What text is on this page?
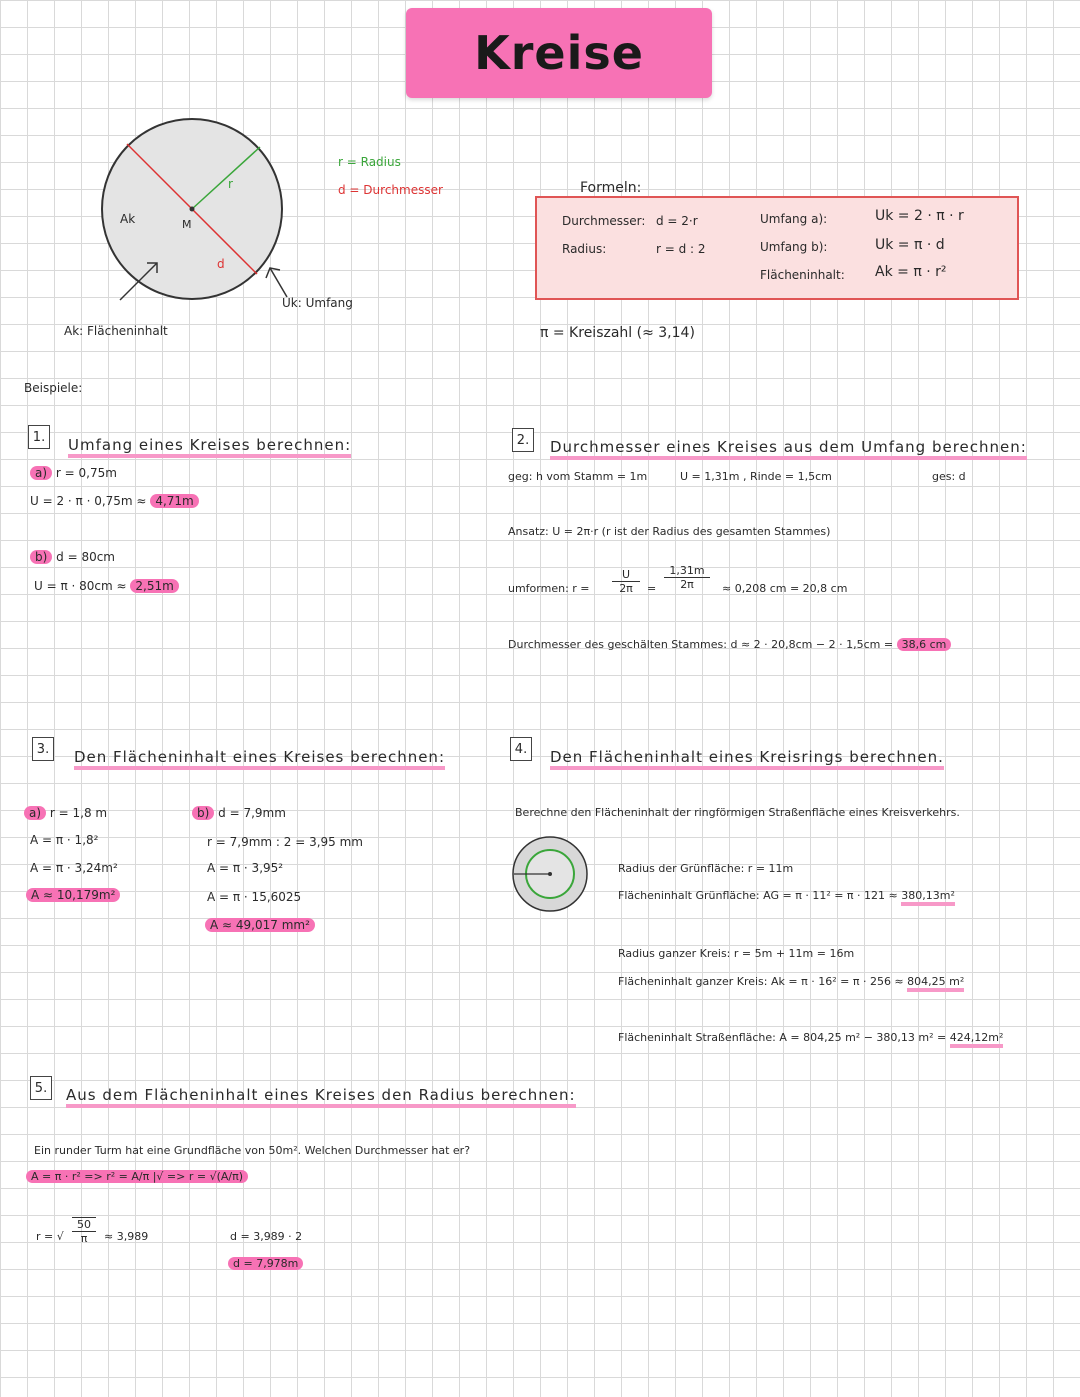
Kreise
r
M
d
Ak
r = Radius
d = Durchmesser
Uk: Umfang
Ak: Flächeninhalt
Formeln:
Durchmesser: d = 2·r
Radius:	r = d : 2
Umfang a):	Uk = 2 · π · r
Umfang b):	Uk = π · d
Flächeninhalt: Ak = π · r²
π = Kreiszahl (≈ 3,14)
Beispiele:
1.	Umfang eines Kreises berechnen:
a) r = 0,75m
U = 2 · π · 0,75m ≈ 4,71m
b) d = 80cm
U = π · 80cm ≈ 2,51m
2.	Durchmesser eines Kreises aus dem Umfang berechnen:
geg: h vom Stamm = 1m	U = 1,31m , Rinde = 1,5cm	ges: d
Ansatz: U = 2π·r (r ist der Radius des gesamten Stammes)
umformen: $r = \frac{U}{2\pi} = \frac{1,31m}{2\pi} \approx 0,208$ cm = 20,8 cm
Durchmesser des geschälten Stammes: d ≈ 2 · 20,8cm − 2 · 1,5cm = 38,6 cm
3.	Den Flächeninhalt eines Kreises berechnen:
a) r = 1,8 m
A = π · 1,8²
A = π · 3,24m²
A ≈ 10,179m²
b) d = 7,9mm
r = 7,9mm : 2 = 3,95 mm
A = π · 3,95²
A = π · 15,6025
A ≈ 49,017 mm²
4.	Den Flächeninhalt eines Kreisrings berechnen.
Berechne den Flächeninhalt der ringförmigen Straßenfläche eines Kreisverkehrs.
Radius der Grünfläche: r = 11m
Flächeninhalt Grünfläche: AG = π · 11² = π · 121 ≈ 380,13m²
Radius ganzer Kreis: r = 5m + 11m = 16m
Flächeninhalt ganzer Kreis: Ak = π · 16² = π · 256 ≈ 804,25 m²
Flächeninhalt Straßenfläche: A = 804,25 m² − 380,13 m² = 424,12m²
5.	Aus dem Flächeninhalt eines Kreises den Radius berechnen:
Ein runder Turm hat eine Grundfläche von 50m². Welchen Durchmesser hat er?
A = π · r² => r² = A/π |√ => r = √(A/π)
r = √ $\frac{50}{\pi} \approx 3,989$	d = 3,989 · 2
d = 7,978m
